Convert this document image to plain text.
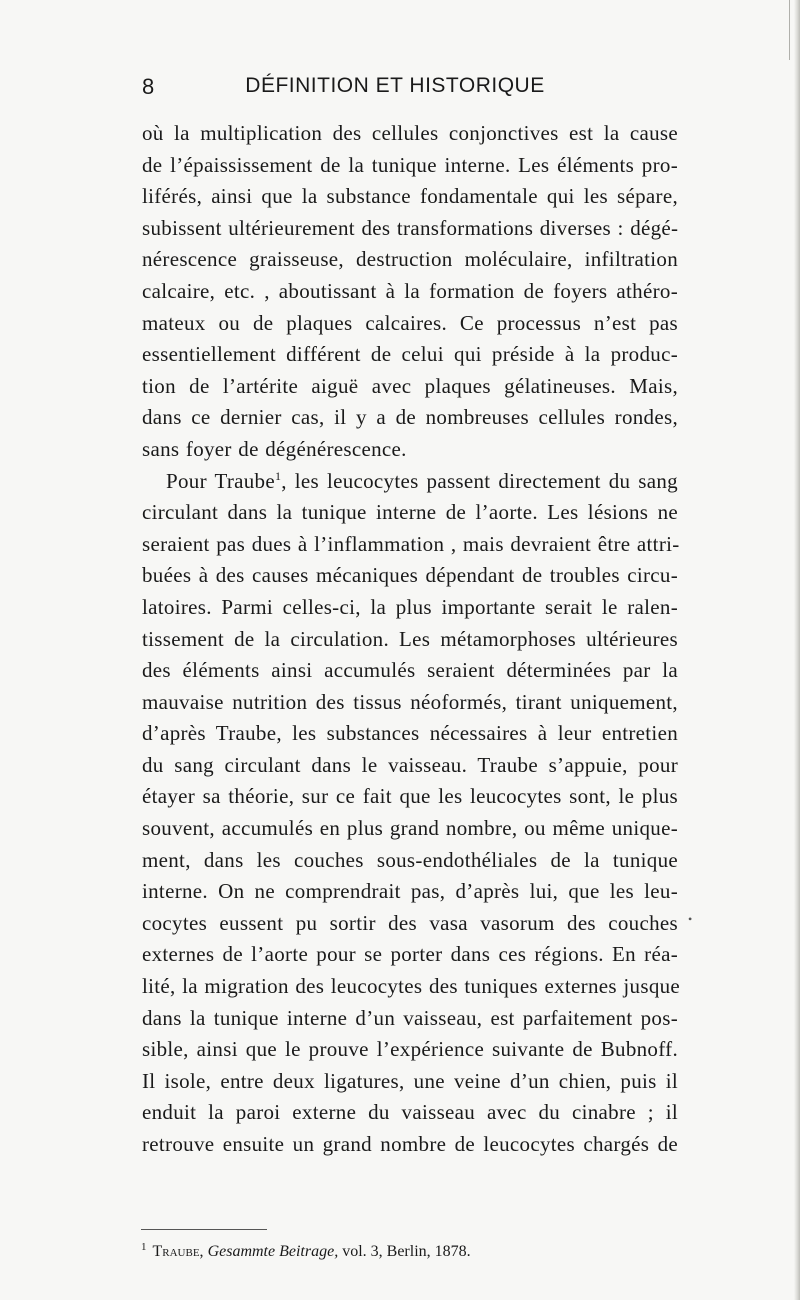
8	DÉFINITION ET HISTORIQUE
où la multiplication des cellules conjonctives est la cause
de l’épaississement de la tunique interne. Les éléments pro-
liférés, ainsi que la substance fondamentale qui les sépare,
subissent ultérieurement des transformations diverses : dégé-
nérescence graisseuse, destruction moléculaire, infiltration
calcaire, etc. , aboutissant à la formation de foyers athéro-
mateux ou de plaques calcaires. Ce processus n’est pas
essentiellement différent de celui qui préside à la produc-
tion de l’artérite aiguë avec plaques gélatineuses. Mais,
dans ce dernier cas, il y a de nombreuses cellules rondes,
sans foyer de dégénérescence.
Pour Traube$^1$, les leucocytes passent directement du sang
circulant dans la tunique interne de l’aorte. Les lésions ne
seraient pas dues à l’inflammation , mais devraient être attri-
buées à des causes mécaniques dépendant de troubles circu-
latoires. Parmi celles-ci, la plus importante serait le ralen-
tissement de la circulation. Les métamorphoses ultérieures
des éléments ainsi accumulés seraient déterminées par la
mauvaise nutrition des tissus néoformés, tirant uniquement,
d’après Traube, les substances nécessaires à leur entretien
du sang circulant dans le vaisseau. Traube s’appuie, pour
étayer sa théorie, sur ce fait que les leucocytes sont, le plus
souvent, accumulés en plus grand nombre, ou même unique-
ment, dans les couches sous-endothéliales de la tunique
interne. On ne comprendrait pas, d’après lui, que les leu-
cocytes eussent pu sortir des vasa vasorum des couches
externes de l’aorte pour se porter dans ces régions. En réa-
lité, la migration des leucocytes des tuniques externes jusque
dans la tunique interne d’un vaisseau, est parfaitement pos-
sible, ainsi que le prouve l’expérience suivante de Bubnoff.
Il isole, entre deux ligatures, une veine d’un chien, puis il
enduit la paroi externe du vaisseau avec du cinabre ; il
retrouve ensuite un grand nombre de leucocytes chargés de
•
$^1$ Traube, Gesammte Beitrage, vol. 3, Berlin, 1878.
